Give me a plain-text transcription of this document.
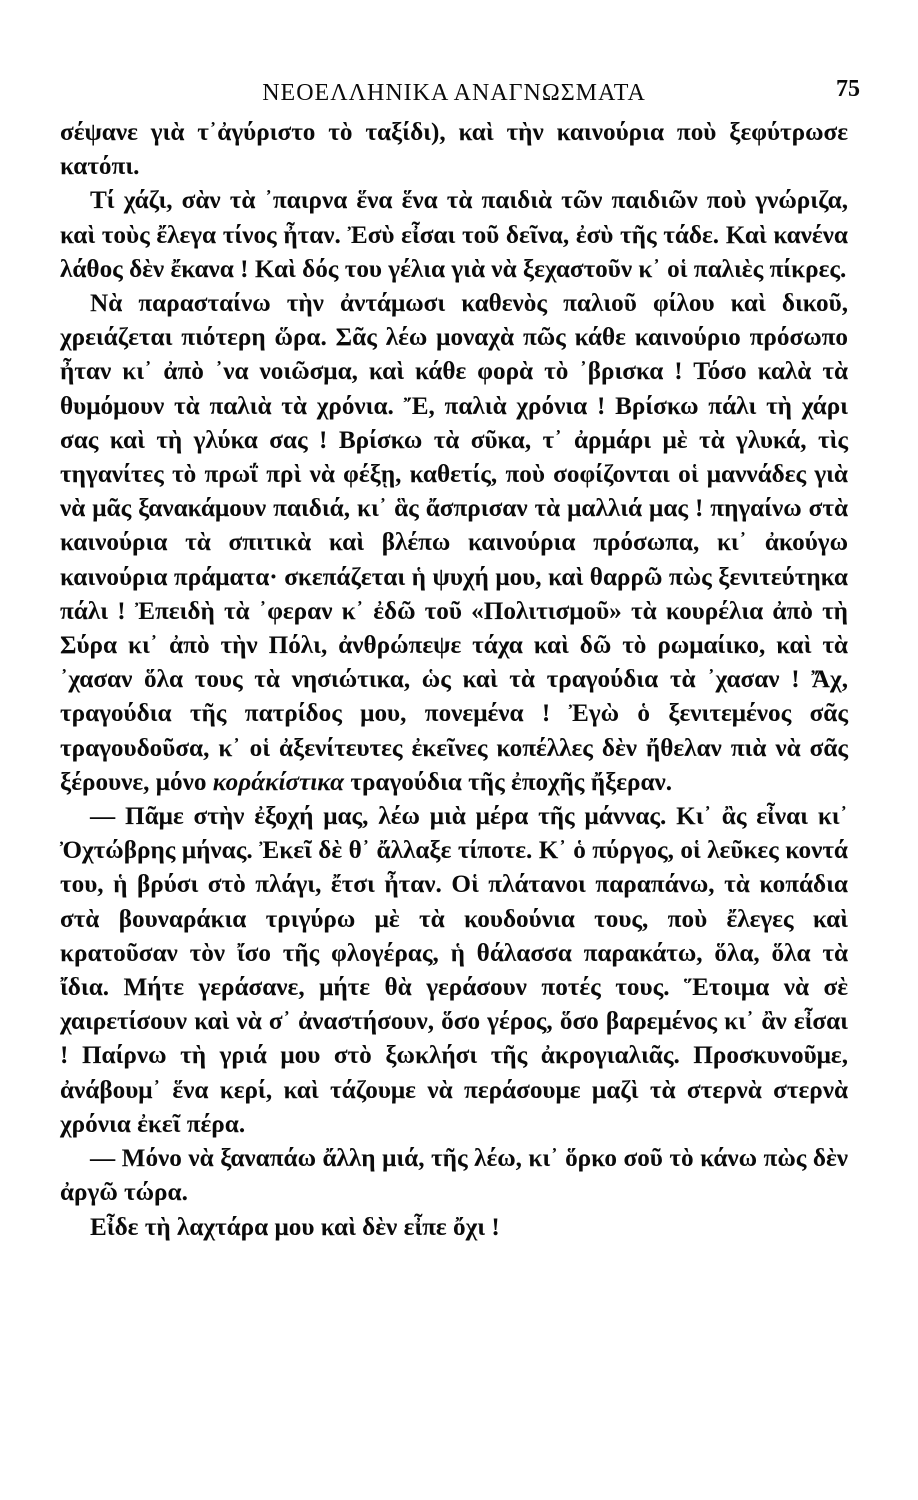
ΝΕΟΕΛΛΗΝΙΚΑ ΑΝΑΓΝΩΣΜΑΤΑ	75

σέψανε γιὰ τ᾿ἀγύριστο τὸ ταξίδι), καὶ τὴν καινούρια ποὺ ξεφύτρωσε κατόπι.

Τί χάζι, σὰν τὰ ᾿παιρνα ἕνα ἕνα τὰ παιδιὰ τῶν παιδιῶν ποὺ γνώριζα, καὶ τοὺς ἔλεγα τίνος ἦταν. Ἐσὺ εἶσαι τοῦ δεῖνα, ἐσὺ τῆς τάδε. Καὶ κανένα λάθος δὲν ἔκανα ! Καὶ δός του γέλια γιὰ νὰ ξεχαστοῦν κ᾿ οἱ παλιὲς πίκρες.

Νὰ παρασταίνω τὴν ἀντάμωσι καθενὸς παλιοῦ φίλου καὶ δικοῦ, χρειάζεται πιότερη ὥρα. Σᾶς λέω μοναχὰ πῶς κάθε καινούριο πρόσωπο ἦταν κι᾿ ἀπὸ ᾿να νοιῶσμα, καὶ κάθε φορὰ τὸ ᾿βρισκα ! Τόσο καλὰ τὰ θυμόμουν τὰ παλιὰ τὰ χρόνια. Ἔ, παλιὰ χρόνια ! Βρίσκω πάλι τὴ χάρι σας καὶ τὴ γλύκα σας ! Βρίσκω τὰ σῦκα, τ᾿ ἀρμάρι μὲ τὰ γλυκά, τὶς τηγανίτες τὸ πρωΐ πρὶ νὰ φέξῃ, καθετίς, ποὺ σοφίζονται οἱ μαννάδες γιὰ νὰ μᾶς ξανακάμουν παιδιά, κι᾿ ἃς ἄσπρισαν τὰ μαλλιά μας ! πηγαίνω στὰ καινούρια τὰ σπιτικὰ καὶ βλέπω καινούρια πρόσωπα, κι᾿ ἀκούγω καινούρια πράματα· σκεπάζεται ἡ ψυχή μου, καὶ θαρρῶ πὼς ξενιτεύτηκα πάλι ! Ἐπειδὴ τὰ ᾿φεραν κ᾿ ἐδῶ τοῦ «Πολιτισμοῦ» τὰ κουρέλια ἀπὸ τὴ Σύρα κι᾿ ἀπὸ τὴν Πόλι, ἀνθρώπεψε τάχα καὶ δῶ τὸ ρωμαίικο, καὶ τὰ ᾿χασαν ὅλα τους τὰ νησιώτικα, ὡς καὶ τὰ τραγούδια τὰ ᾿χασαν ! Ἄχ, τραγούδια τῆς πατρίδος μου, πονεμένα ! Ἐγὼ ὁ ξενιτεμένος σᾶς τραγουδοῦσα, κ᾿ οἱ ἀξενίτευτες ἐκεῖνες κοπέλλες δὲν ἤθελαν πιὰ νὰ σᾶς ξέρουνε, μόνο κοράκίστικα τραγούδια τῆς ἐποχῆς ἤξεραν.

— Πᾶμε στὴν ἐξοχή μας, λέω μιὰ μέρα τῆς μάννας. Κι᾿ ἂς εἶναι κι᾿ Ὀχτώβρης μήνας. Ἐκεῖ δὲ θ᾿ ἄλλαξε τίποτε. Κ᾿ ὁ πύργος, οἱ λεῦκες κοντά του, ἡ βρύσι στὸ πλάγι, ἔτσι ἦταν. Οἱ πλάτανοι παραπάνω, τὰ κοπάδια στὰ βουναράκια τριγύρω μὲ τὰ κουδούνια τους, ποὺ ἔλεγες καὶ κρατοῦσαν τὸν ἴσο τῆς φλογέρας, ἡ θάλασσα παρακάτω, ὅλα, ὅλα τὰ ἴδια. Μήτε γεράσανε, μήτε θὰ γεράσουν ποτές τους. Ἕτοιμα νὰ σὲ χαιρετίσουν καὶ νὰ σ᾿ ἀναστήσουν, ὅσο γέρος, ὅσο βαρεμένος κι᾿ ἂν εἶσαι ! Παίρνω τὴ γριά μου στὸ ξωκλήσι τῆς ἀκρογιαλιᾶς. Προσκυνοῦμε, ἀνάβουμ᾿ ἕνα κερί, καὶ τάζουμε νὰ περάσουμε μαζὶ τὰ στερνὰ στερνὰ χρόνια ἐκεῖ πέρα.

— Μόνο νὰ ξαναπάω ἄλλη μιά, τῆς λέω, κι᾿ ὅρκο σοῦ τὸ κάνω πὼς δὲν ἀργῶ τώρα.

Εἶδε τὴ λαχτάρα μου καὶ δὲν εἶπε ὄχι !
